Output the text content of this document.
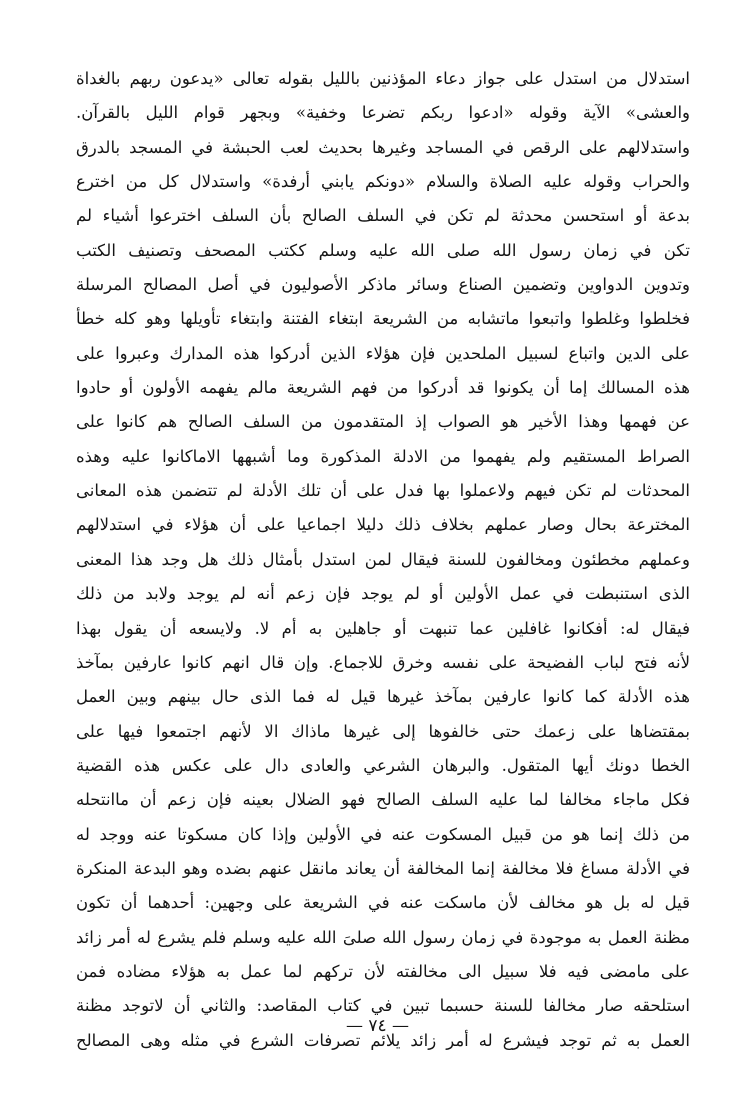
استدلال من استدل على جواز دعاء المؤذنين بالليل بقوله تعالى «يدعون ربهم بالغداة
والعشى» الآية وقوله «ادعوا ربكم تضرعا وخفية» وبجهر قوام الليل بالقرآن.
واستدلالهم على الرقص في المساجد وغيرها بحديث لعب الحبشة في المسجد بالدرق
والحراب وقوله عليه الصلاة والسلام «دونكم يابني أرفدة» واستدلال كل من اخترع
بدعة أو استحسن محدثة لم تكن في السلف الصالح بأن السلف اخترعوا أشياء لم
تكن في زمان رسول الله صلى الله عليه وسلم ككتب المصحف وتصنيف الكتب
وتدوين الدواوين وتضمين الصناع وسائر ماذكر الأصوليون في أصل المصالح المرسلة
فخلطوا وغلطوا واتبعوا ماتشابه من الشريعة ابتغاء الفتنة وابتغاء تأويلها وهو كله خطأ
على الدين واتباع لسبيل الملحدين فإن هؤلاء الذين أدركوا هذه المدارك وعبروا على
هذه المسالك إما أن يكونوا قد أدركوا من فهم الشريعة مالم يفهمه الأولون أو حادوا
عن فهمها وهذا الأخير هو الصواب إذ المتقدمون من السلف الصالح هم كانوا على
الصراط المستقيم ولم يفهموا من الادلة المذكورة وما أشبهها الاماكانوا عليه وهذه
المحدثات لم تكن فيهم ولاعملوا بها فدل على أن تلك الأدلة لم تتضمن هذه المعانى
المخترعة بحال وصار عملهم بخلاف ذلك دليلا اجماعيا على أن هؤلاء في استدلالهم
وعملهم مخطئون ومخالفون للسنة فيقال لمن استدل بأمثال ذلك هل وجد هذا المعنى
الذى استنبطت في عمل الأولين أو لم يوجد فإن زعم أنه لم يوجد ولابد من ذلك
فيقال له: أفكانوا غافلين عما تنبهت أو جاهلين به أم لا. ولايسعه أن يقول بهذا
لأنه فتح لباب الفضيحة على نفسه وخرق للاجماع. وإن قال انهم كانوا عارفين بمآخذ
هذه الأدلة كما كانوا عارفين بمآخذ غيرها قيل له فما الذى حال بينهم وبين العمل
بمقتضاها على زعمك حتى خالفوها إلى غيرها ماذاك الا لأنهم اجتمعوا فيها على
الخطا دونك أيها المتقول. والبرهان الشرعي والعادى دال على عكس هذه القضية
فكل ماجاء مخالفا لما عليه السلف الصالح فهو الضلال بعينه فإن زعم أن ماانتحله
من ذلك إنما هو من قبيل المسكوت عنه في الأولين وإذا كان مسكوتا عنه ووجد له
في الأدلة مساغ فلا مخالفة إنما المخالفة أن يعاند مانقل عنهم بضده وهو البدعة المنكرة
قيل له بل هو مخالف لأن ماسكت عنه في الشريعة على وجهين: أحدهما أن تكون
مظنة العمل به موجودة في زمان رسول الله صلىَ الله عليه وسلم فلم يشرع له أمر زائد
على مامضى فيه فلا سبيل الى مخالفته لأن تركهم لما عمل به هؤلاء مضاده فمن
استلحقه صار مخالفا للسنة حسبما تبين في كتاب المقاصد: والثاني أن لاتوجد مظنة
العمل به ثم توجد فيشرع له أمر زائد يلائم تصرفات الشرع في مثله وهى المصالح
— ٧٤ —
